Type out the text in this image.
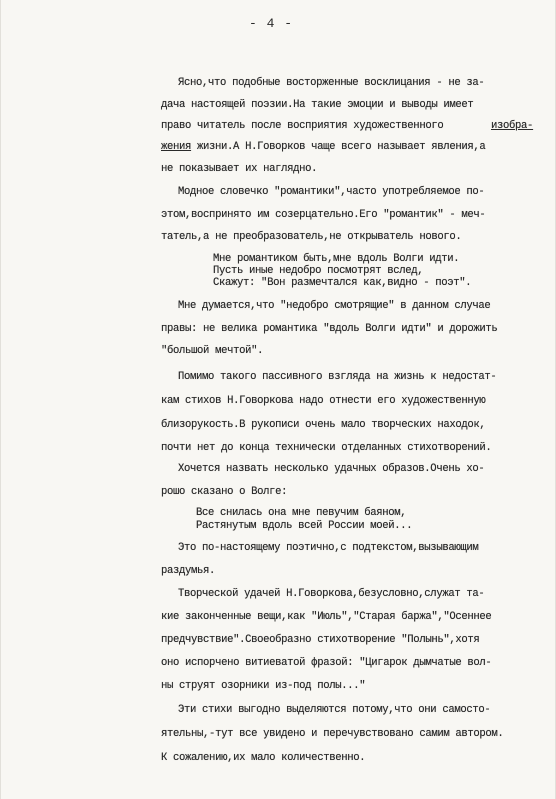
- 4 -
Ясно,что подобные восторженные восклицания - не за-
дача настоящей поэзии.На такие эмоции и выводы имеет
право читатель после восприятия художественного	изобра-
жения жизни.А Н.Говорков чаще всего называет явления,а
не показывает их наглядно.
Модное словечко "романтики",часто употребляемое по-
этом,воспринято им созерцательно.Его "романтик" - меч-
татель,а не преобразователь,не открыватель нового.
Мне романтиком быть,мне вдоль Волги идти.
Пусть иные недобро посмотрят вслед,
Скажут: "Вон размечтался как,видно - поэт".
Мне думается,что "недобро смотрящие" в данном случае
правы: не велика романтика "вдоль Волги идти" и дорожить
"большой мечтой".
Помимо такого пассивного взгляда на жизнь к недостат-
кам стихов Н.Говоркова надо отнести его художественную
близорукость.В рукописи очень мало творческих находок,
почти нет до конца технически отделанных стихотворений.
Хочется назвать несколько удачных образов.Очень хо-
рошо сказано о Волге:
Все снилась она мне певучим баяном,
Растянутым вдоль всей России моей...
Это по-настоящему поэтично,с подтекстом,вызывающим
раздумья.
Творческой удачей Н.Говоркова,безусловно,служат та-
кие законченные вещи,как "Июль","Старая баржа","Осеннее
предчувствие".Своеобразно стихотворение "Полынь",хотя
оно испорчено витиеватой фразой: "Цигарок дымчатые вол-
ны струят озорники из-под полы..."
Эти стихи выгодно выделяются потому,что они самосто-
ятельны,-тут все увидено и перечувствовано самим автором.
К сожалению,их мало количественно.
